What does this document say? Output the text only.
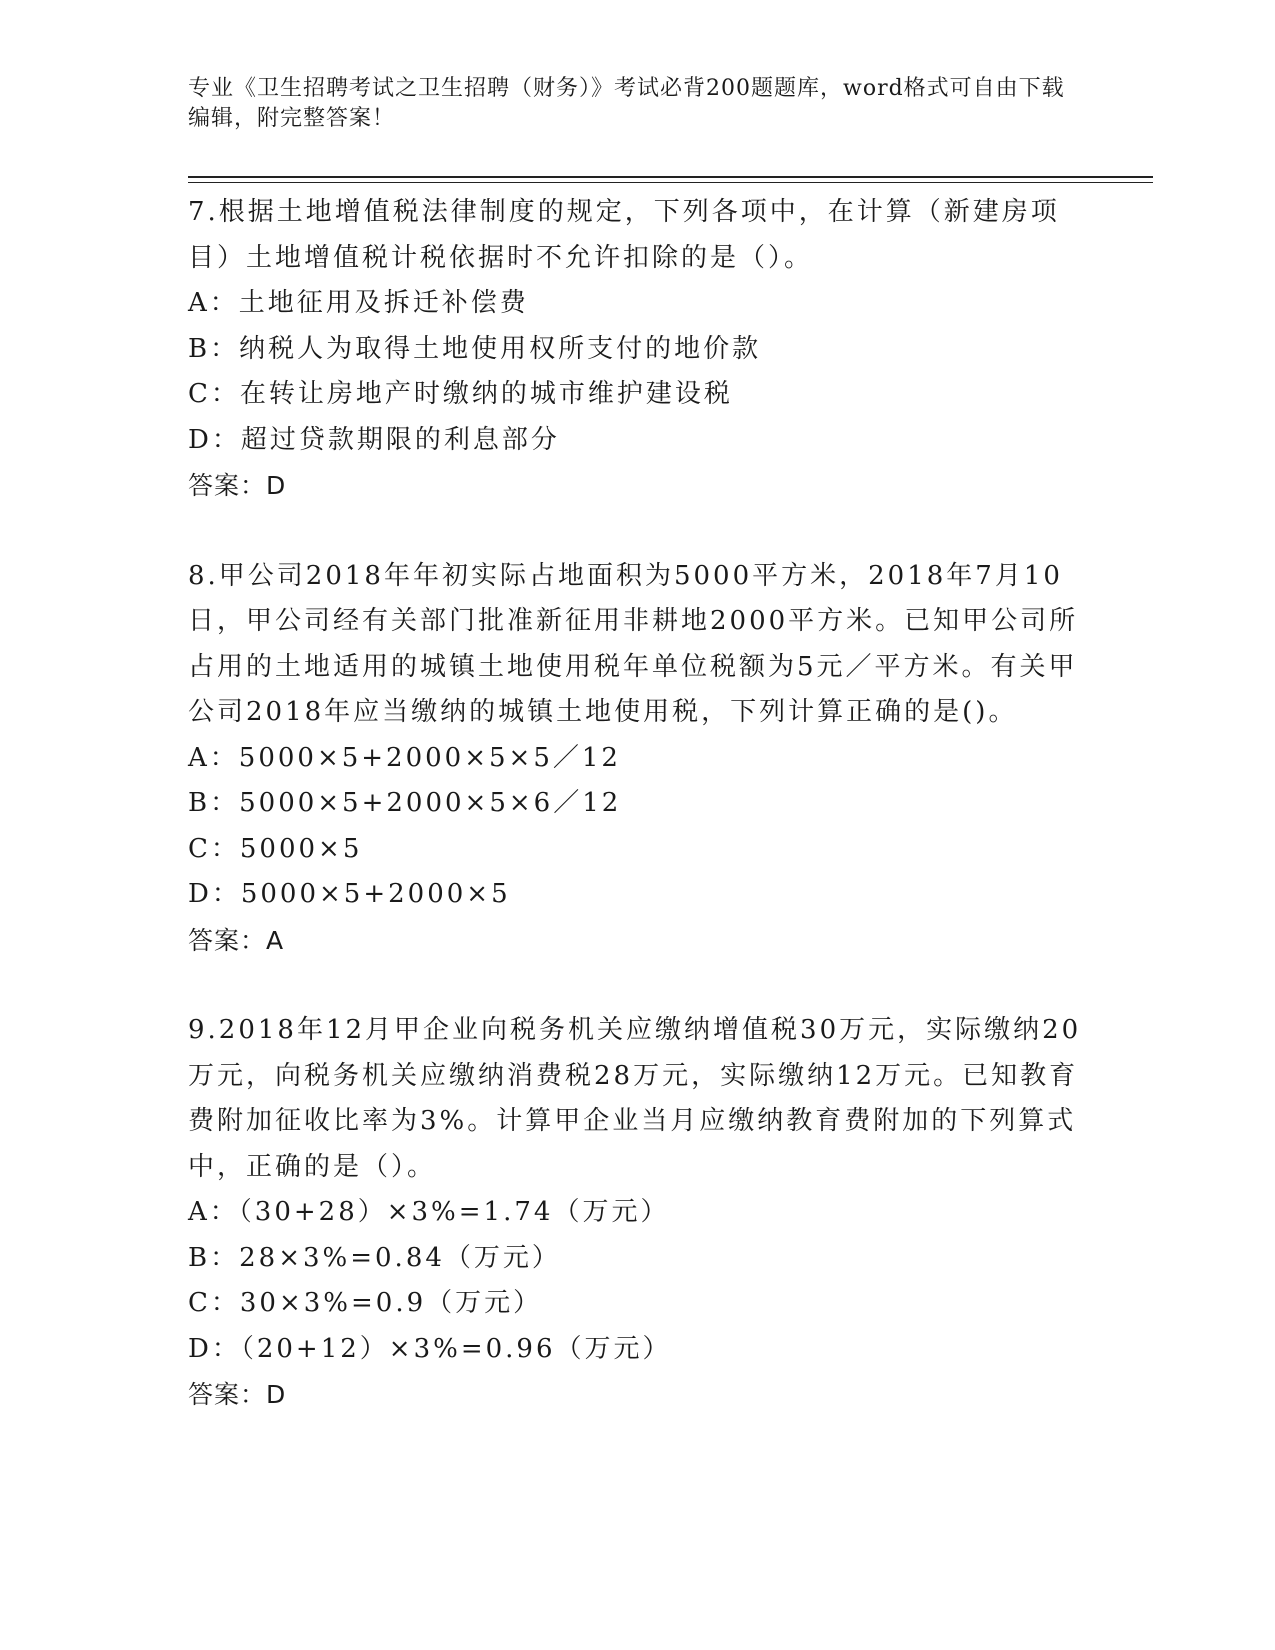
专业《卫生招聘考试之卫生招聘（财务）》考试必背200题题库，word格式可自由下载编辑，附完整答案！

7.根据土地增值税法律制度的规定，下列各项中，在计算（新建房项目）土地增值税计税依据时不允许扣除的是（）。

A：土地征用及拆迁补偿费

B：纳税人为取得土地使用权所支付的地价款

C：在转让房地产时缴纳的城市维护建设税

D：超过贷款期限的利息部分

答案：D

8.甲公司2018年年初实际占地面积为5000平方米，2018年7月10日，甲公司经有关部门批准新征用非耕地2000平方米。已知甲公司所占用的土地适用的城镇土地使用税年单位税额为5元／平方米。有关甲公司2018年应当缴纳的城镇土地使用税，下列计算正确的是()。

A：5000×5+2000×5×5／12

B：5000×5+2000×5×6／12

C：5000×5

D：5000×5+2000×5

答案：A

9.2018年12月甲企业向税务机关应缴纳增值税30万元，实际缴纳20万元，向税务机关应缴纳消费税28万元，实际缴纳12万元。已知教育费附加征收比率为3%。计算甲企业当月应缴纳教育费附加的下列算式中，正确的是（）。

A：（30+28）×3%=1.74（万元）

B：28×3%=0.84（万元）

C：30×3%=0.9（万元）

D：（20+12）×3%=0.96（万元）

答案：D
